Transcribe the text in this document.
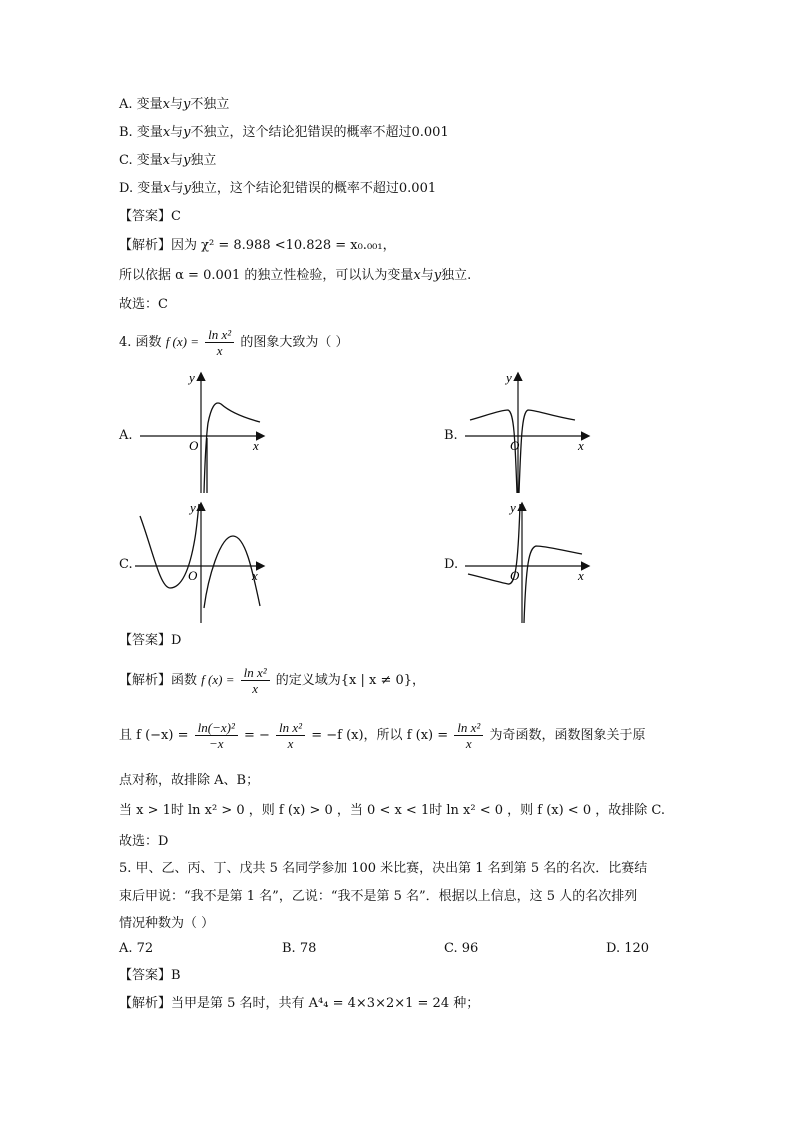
A. 变量𝑥与𝑦不独立
B. 变量𝑥与𝑦不独立，这个结论犯错误的概率不超过0.001
C. 变量𝑥与𝑦独立
D. 变量𝑥与𝑦独立，这个结论犯错误的概率不超过0.001
【答案】C
【解析】因为 χ² = 8.988 <10.828 = x₀.₀₀₁，
所以依据 α = 0.001 的独立性检验，可以认为变量𝑥与𝑦独立.
故选：C
4. 函数 f $(x) = \frac{\text{ln x²}}{x}$ 的图象大致为（ ）
A.	B.
C.	D.
O	x
y
O	x
y
O	x
y
O	x
y
【答案】D
【解析】函数 f $(x) = \frac{\text{ln x²}}{x}$ 的定义域为{x | x ≠ 0}，
且 f $(-x) = \frac{\text{ln(−x)²}}{-x}$ = − $\frac{\text{ln x²}}{x} = -f$ (x)，所以 f $(x) = \frac{\text{ln x²}}{x}$ 为奇函数，函数图象关于原
点对称，故排除 A、B；
当 x > 1时 ln x² > 0 ，则 f (x) > 0 ，当 0 < x < 1时 ln x² < 0 ，则 f (x) < 0 ，故排除 C.
故选：D
5. 甲、乙、丙、丁、戊共 5 名同学参加 100 米比赛，决出第 1 名到第 5 名的名次．比赛结
束后甲说：“我不是第 1 名”，乙说：“我不是第 5 名”．根据以上信息，这 5 人的名次排列
情况种数为（ ）
A. 72	B. 78	C. 96	D. 120
【答案】B
【解析】当甲是第 5 名时，共有 A⁴₄ = 4×3×2×1 = 24 种；
